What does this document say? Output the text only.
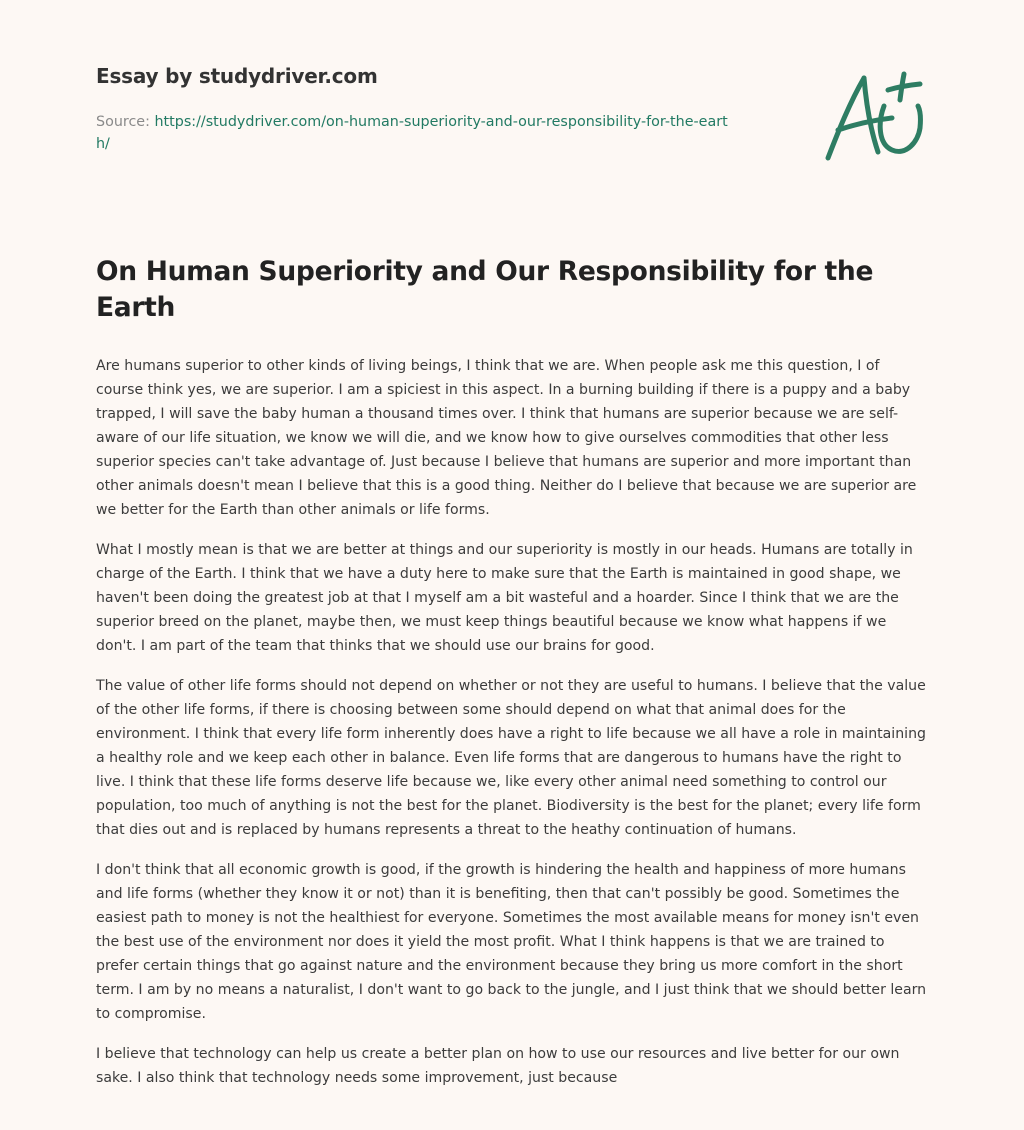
Essay by studydriver.com
Source: https://studydriver.com/on-human-superiority-and-our-responsibility-for-the-earth/
On Human Superiority and Our Responsibility for the Earth

Are humans superior to other kinds of living beings, I think that we are. When people ask me this question, I of course think yes, we are superior. I am a spiciest in this aspect. In a burning building if there is a puppy and a baby trapped, I will save the baby human a thousand times over. I think that humans are superior because we are self-aware of our life situation, we know we will die, and we know how to give ourselves commodities that other less superior species can't take advantage of. Just because I believe that humans are superior and more important than other animals doesn't mean I believe that this is a good thing. Neither do I believe that because we are superior are we better for the Earth than other animals or life forms.

What I mostly mean is that we are better at things and our superiority is mostly in our heads. Humans are totally in charge of the Earth. I think that we have a duty here to make sure that the Earth is maintained in good shape, we haven't been doing the greatest job at that I myself am a bit wasteful and a hoarder. Since I think that we are the superior breed on the planet, maybe then, we must keep things beautiful because we know what happens if we don't. I am part of the team that thinks that we should use our brains for good.

The value of other life forms should not depend on whether or not they are useful to humans. I believe that the value of the other life forms, if there is choosing between some should depend on what that animal does for the environment. I think that every life form inherently does have a right to life because we all have a role in maintaining a healthy role and we keep each other in balance. Even life forms that are dangerous to humans have the right to live. I think that these life forms deserve life because we, like every other animal need something to control our population, too much of anything is not the best for the planet. Biodiversity is the best for the planet; every life form that dies out and is replaced by humans represents a threat to the heathy continuation of humans.

I don't think that all economic growth is good, if the growth is hindering the health and happiness of more humans and life forms (whether they know it or not) than it is benefiting, then that can't possibly be good. Sometimes the easiest path to money is not the healthiest for everyone. Sometimes the most available means for money isn't even the best use of the environment nor does it yield the most profit. What I think happens is that we are trained to prefer certain things that go against nature and the environment because they bring us more comfort in the short term. I am by no means a naturalist, I don't want to go back to the jungle, and I just think that we should better learn to compromise.

I believe that technology can help us create a better plan on how to use our resources and live better for our own sake. I also think that technology needs some improvement, just because
